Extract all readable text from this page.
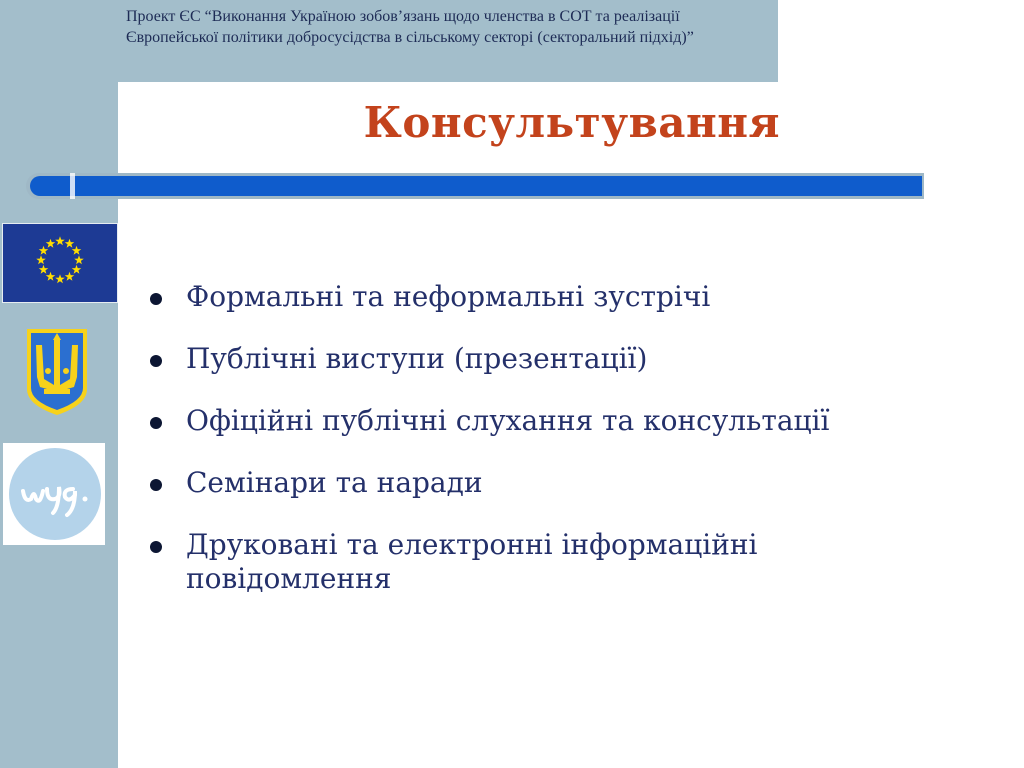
Проект ЄС “Виконання Україною зобов’язань щодо членства в СОТ та реалізації Європейської політики добросусідства в сільському секторі (секторальний підхід)”

Консультування
Формальні та неформальні зустрічі
Публічні виступи (презентації)
Офіційні публічні слухання та консультації
Семінари та наради
Друковані та електронні інформаційні повідомлення
